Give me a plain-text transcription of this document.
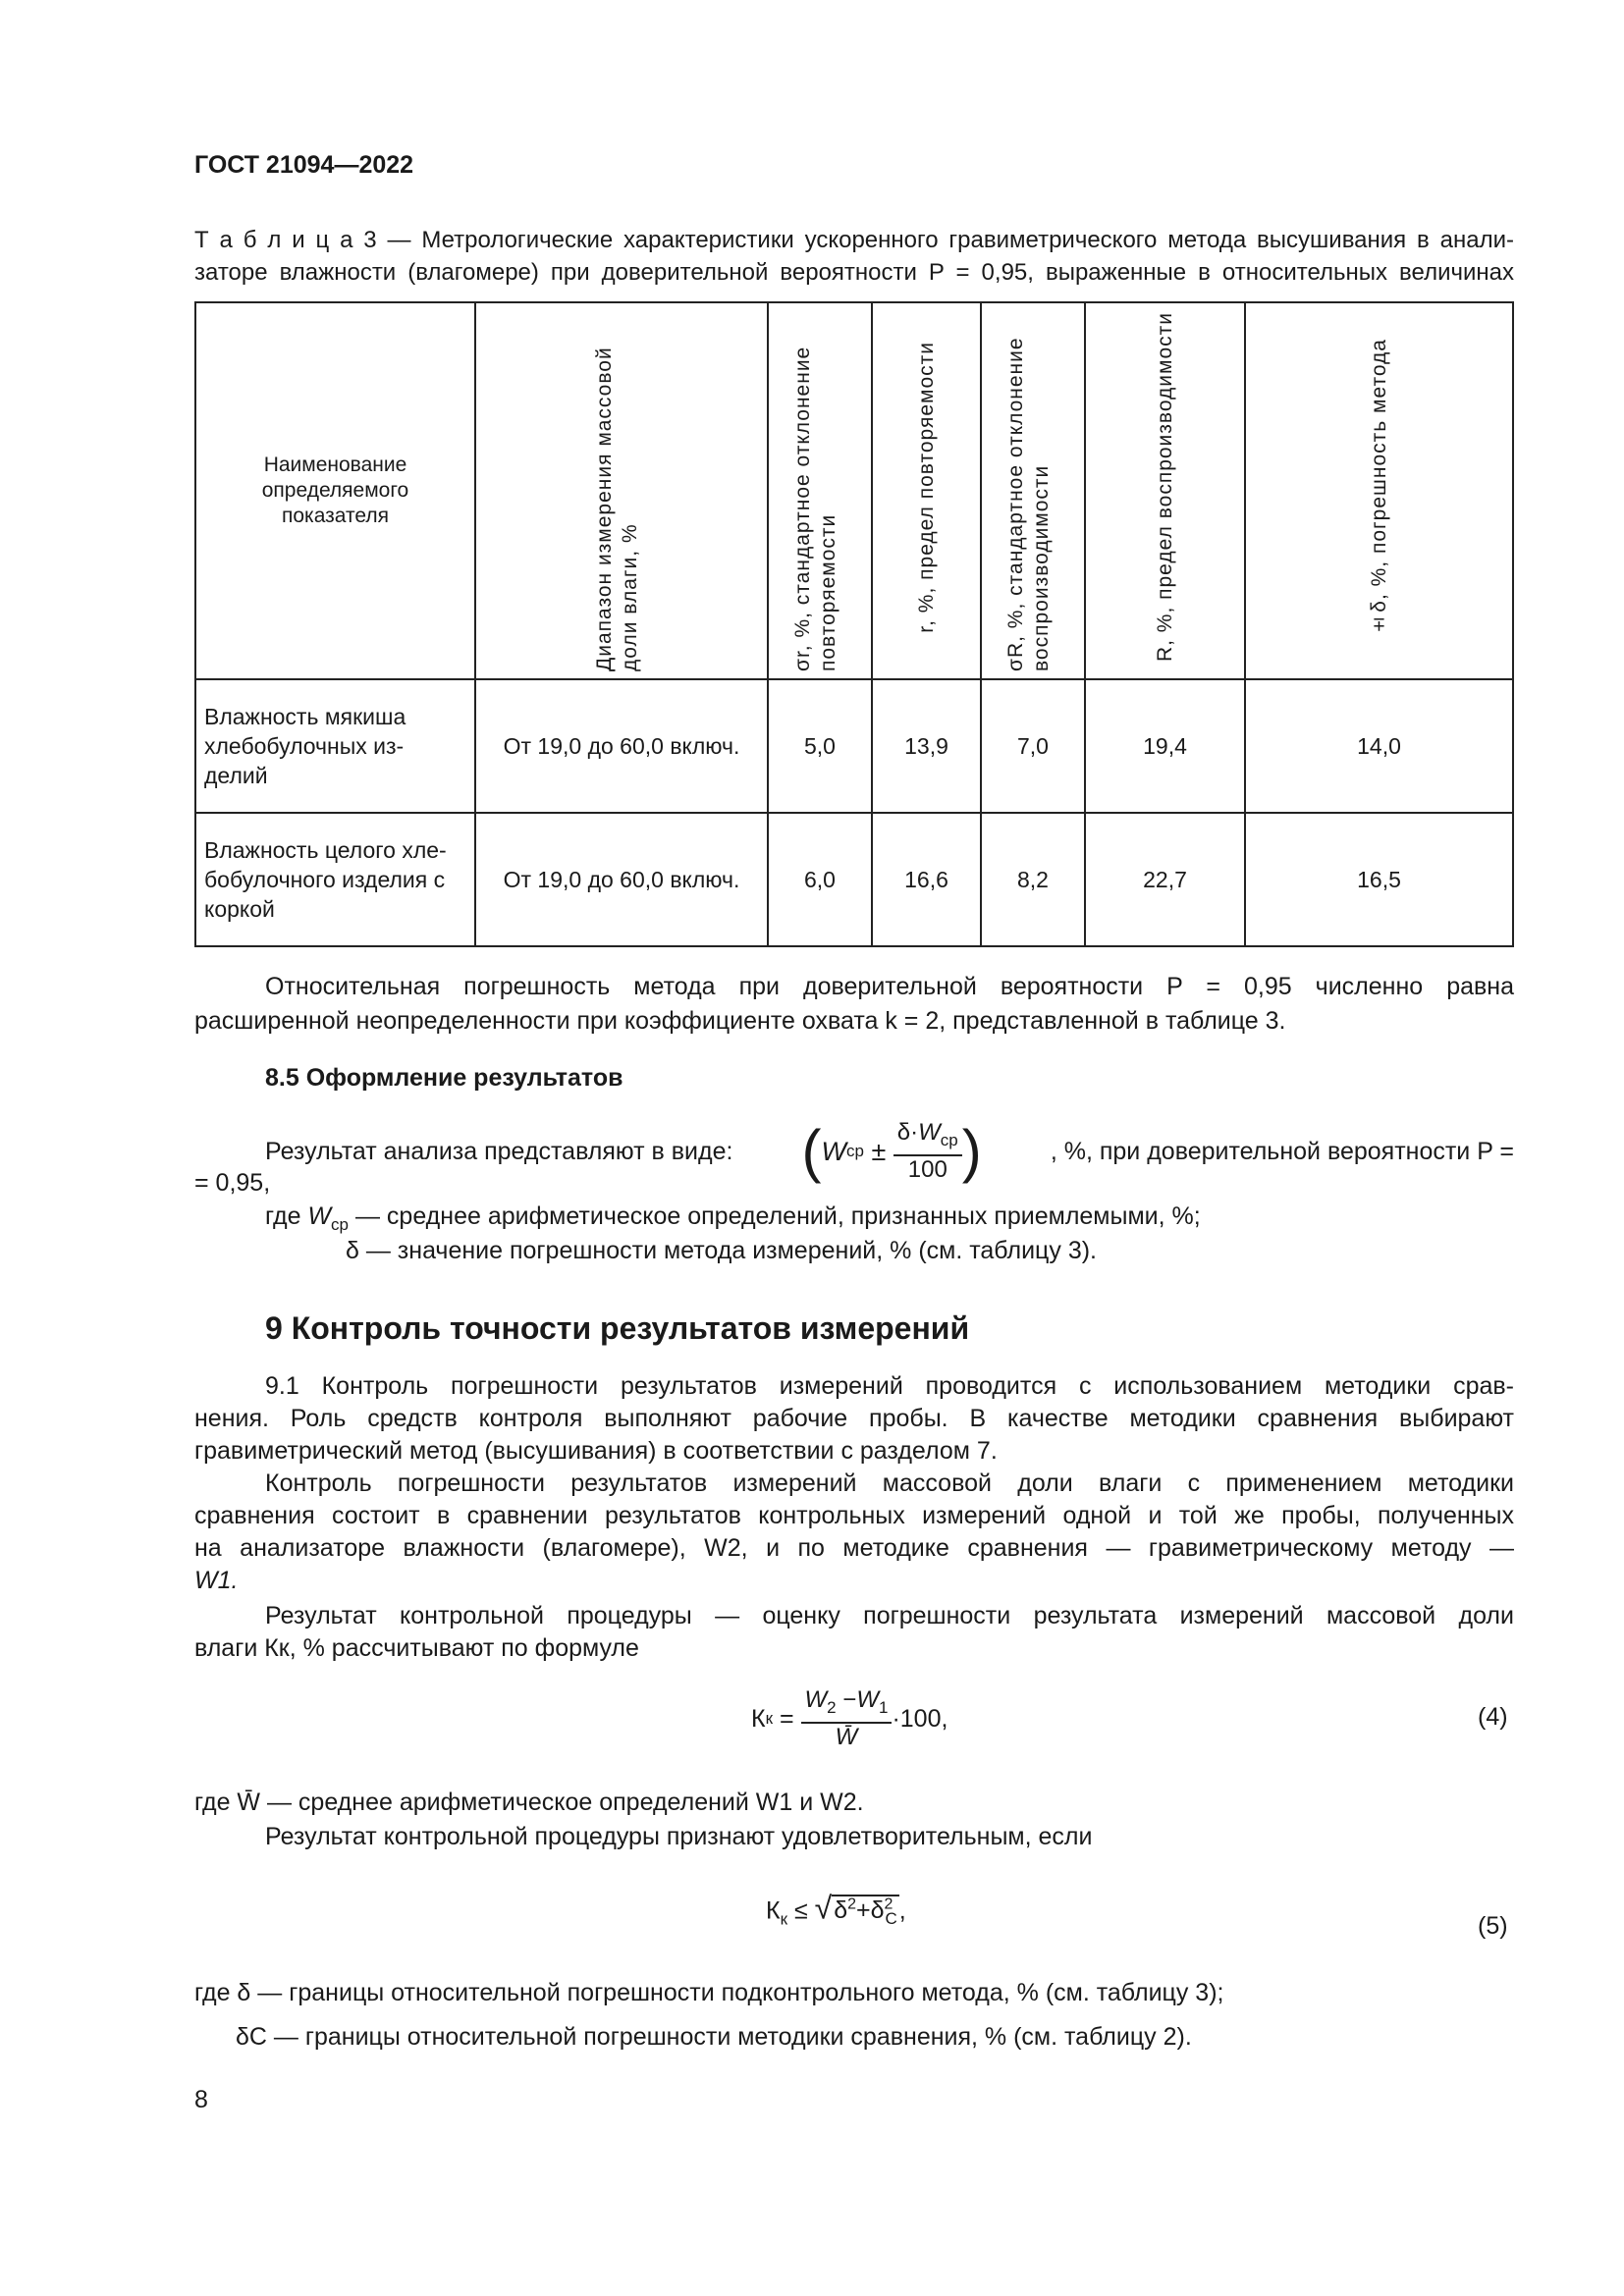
ГОСТ 21094—2022
Т а б л и ц а 3 — Метрологические характеристики ускоренного гравиметрического метода высушивания в анали-
заторе влажности (влагомере) при доверительной вероятности P = 0,95, выраженные в относительных величинах
Наименование определяемого показателя	Диапазон измерения массовой доли влаги, %	σr, %, стандартное отклонение повторяемости	r, %, предел повторяемости	σR, %, стандартное отклонение воспроизводимости	R, %, предел воспроизводимости	±δ, %, погрешность метода
Влажность мякиша хлебобулочных из-делий	От 19,0 до 60,0 включ.	5,0	13,9	7,0	19,4	14,0
Влажность целого хле-бобулочного изделия с коркой	От 19,0 до 60,0 включ.	6,0	16,6	8,2	22,7	16,5
Относительная погрешность метода при доверительной вероятности P = 0,95 численно равна
расширенной неопределенности при коэффициенте охвата k = 2, представленной в таблице 3.
8.5 Оформление результатов
Результат анализа представляют в виде: ( W ср ± $\frac{\delta\cdot W_{ср}}{100}$ )	, %, при доверительной вероятности P =
= 0,95,
где $W_{ср}$ — среднее арифметическое определений, признанных приемлемыми, %;
δ — значение погрешности метода измерений, % (см. таблицу 3).
9 Контроль точности результатов измерений
9.1 Контроль погрешности результатов измерений проводится с использованием методики срав-
нения. Роль средств контроля выполняют рабочие пробы. В качестве методики сравнения выбирают
гравиметрический метод (высушивания) в соответствии с разделом 7.
Контроль погрешности результатов измерений массовой доли влаги с применением методики
сравнения состоит в сравнении результатов контрольных измерений одной и той же пробы, полученных
на анализаторе влажности (влагомере), W2, и по методике сравнения — гравиметрическому методу —
W1.
Результат контрольной процедуры — оценку погрешности результата измерений массовой доли
влаги Кк, % рассчитывают по формуле
К $к = \frac{W_2 -W_1}{W̄} \cdot 100$,	(4)
где W̄ — среднее арифметическое определений W1 и W2.
Результат контрольной процедуры признают удовлетворительным, если
$К_к \le √\delta^2+\delta^2_C$,
(5)
где δ — границы относительной погрешности подконтрольного метода, % (см. таблицу 3);
δC — границы относительной погрешности методики сравнения, % (см. таблицу 2).
8
